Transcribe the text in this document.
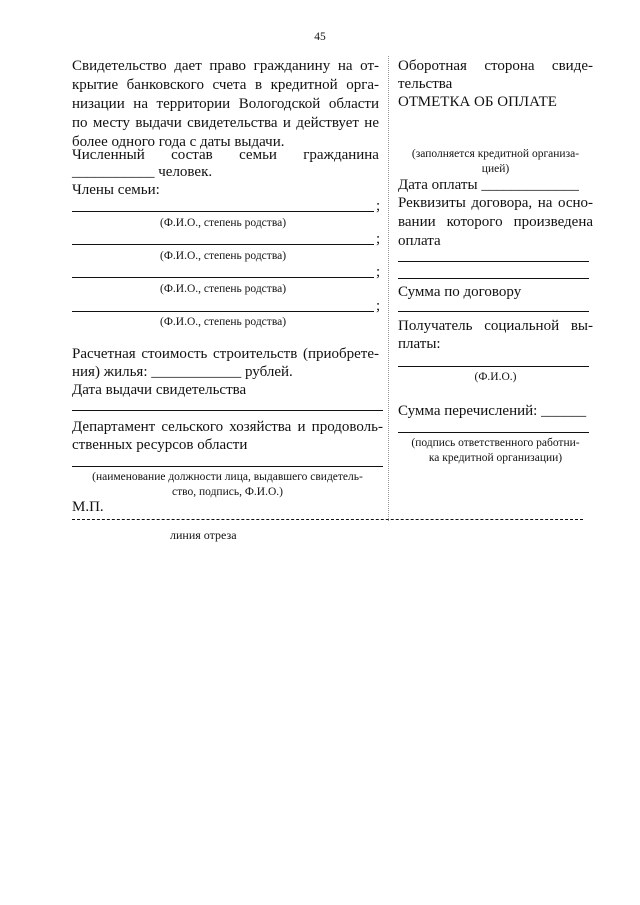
45
Свидетельство дает право гражданину на от-
крытие банковского счета в кредитной орга-
низации на территории Вологодской области
по месту выдачи свидетельства и действует не
более одного года с даты выдачи.
Численный состав семьи гражданина
___________ человек.
Члены семьи:
;
(Ф.И.О., степень родства)
;
(Ф.И.О., степень родства)
;
(Ф.И.О., степень родства)
;
(Ф.И.О., степень родства)
Расчетная стоимость строительств (приобрете-
ния) жилья: ____________ рублей.
Дата выдачи свидетельства
Департамент сельского хозяйства и продоволь-
ственных ресурсов области
(наименование должности лица, выдавшего свидетель-
ство, подпись, Ф.И.О.)
М.П.
Оборотная сторона свиде-
тельства
ОТМЕТКА ОБ ОПЛАТЕ
(заполняется кредитной организа-
цией)
Дата оплаты _____________
Реквизиты договора, на осно-
вании которого произведена
оплата
Сумма по договору
Получатель социальной вы-
платы:
(Ф.И.О.)
Сумма перечислений: ______
(подпись ответственного работни-
ка кредитной организации)
линия отреза
